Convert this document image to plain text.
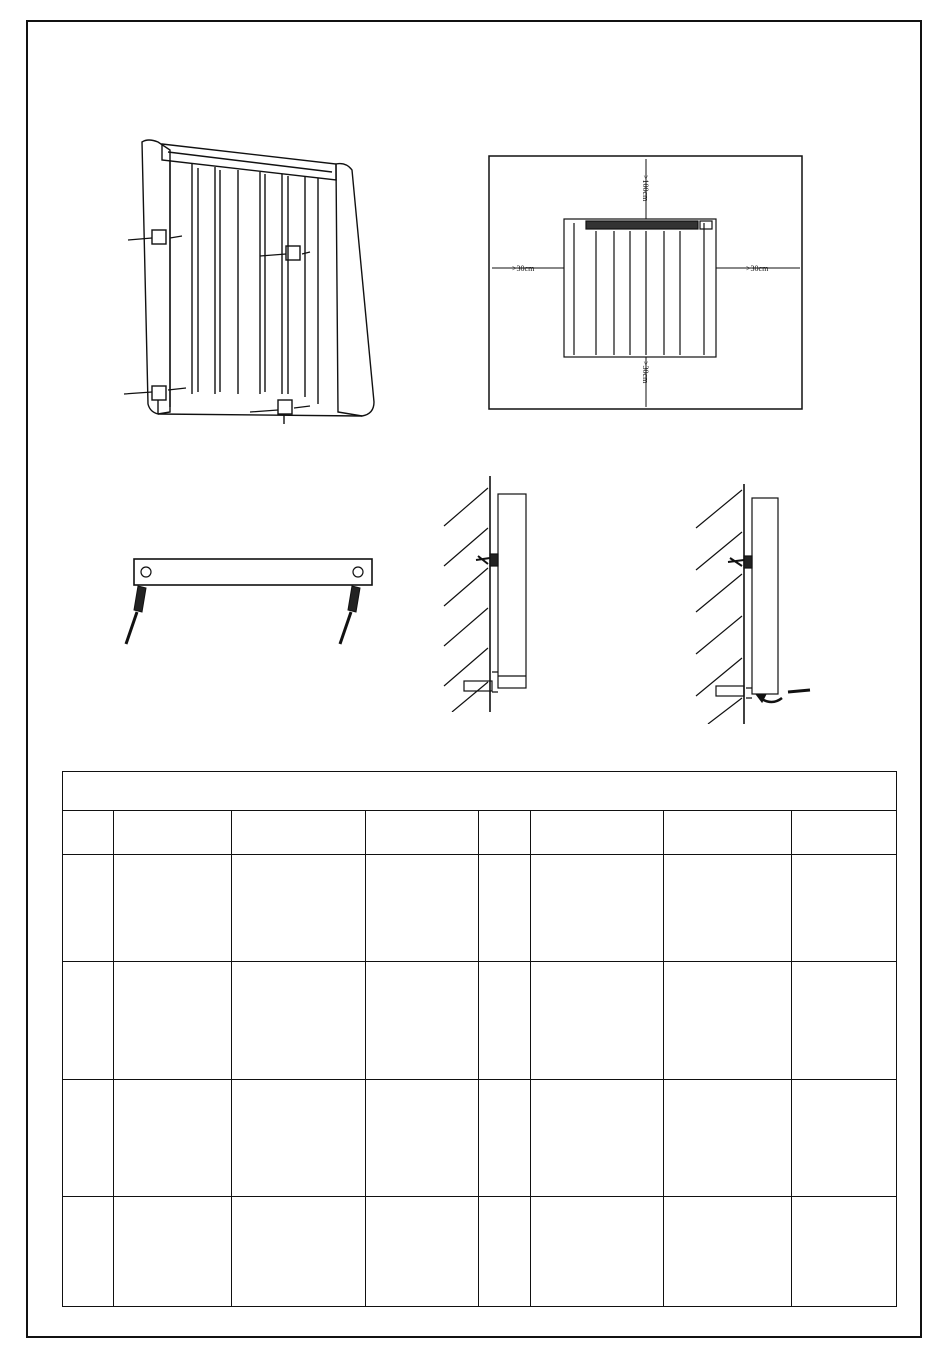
>100cm
>30cm	>30cm
>30cm
